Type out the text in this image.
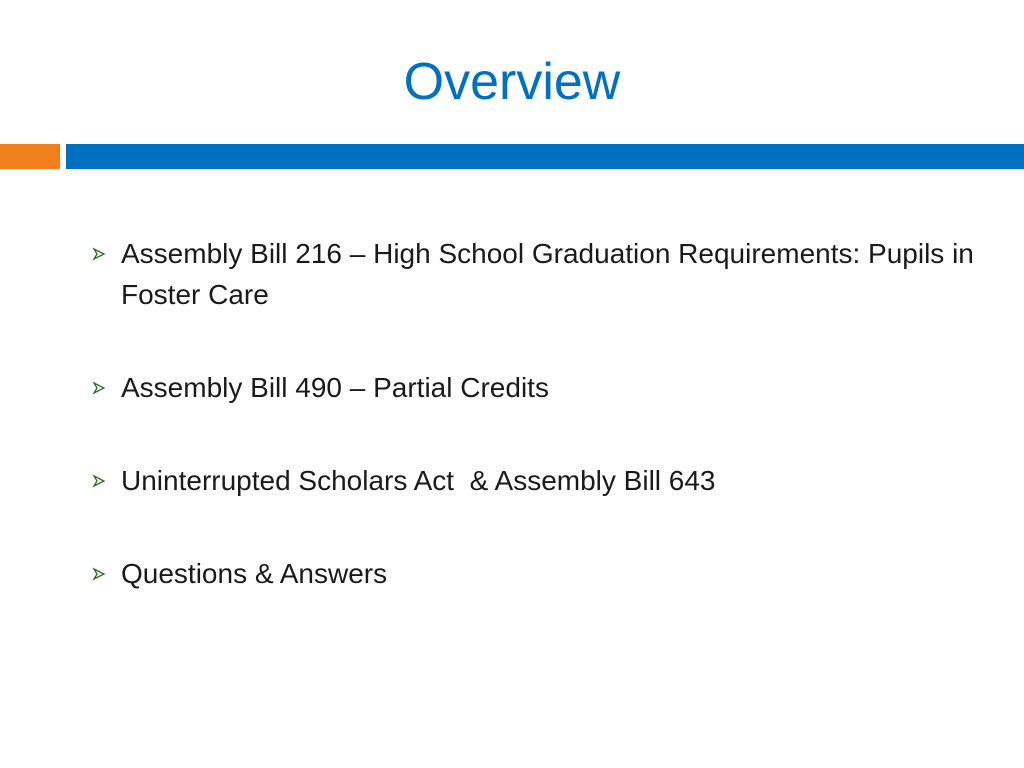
Overview
Assembly Bill 216 – High School Graduation Requirements: Pupils in Foster Care
Assembly Bill 490 – Partial Credits
Uninterrupted Scholars Act  & Assembly Bill 643
Questions & Answers
